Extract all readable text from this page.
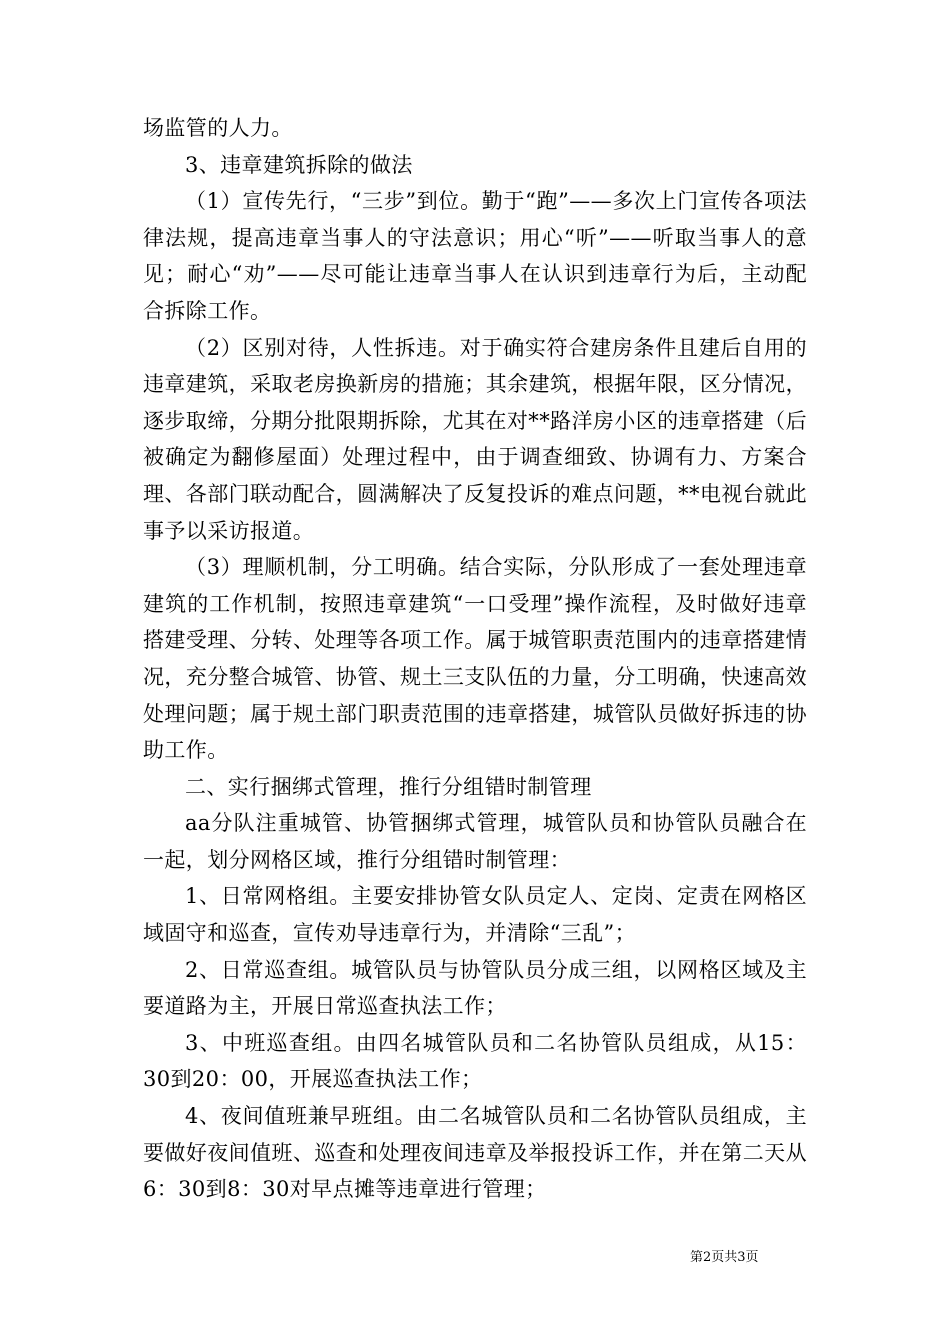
场监管的人力。

3、违章建筑拆除的做法

（1）宣传先行，“三步”到位。勤于“跑”——多次上门宣传各项法律法规，提高违章当事人的守法意识；用心“听”——听取当事人的意见；耐心“劝”——尽可能让违章当事人在认识到违章行为后，主动配合拆除工作。

（2）区别对待，人性拆违。对于确实符合建房条件且建后自用的违章建筑，采取老房换新房的措施；其余建筑，根据年限，区分情况，逐步取缔，分期分批限期拆除，尤其在对**路洋房小区的违章搭建（后被确定为翻修屋面）处理过程中，由于调查细致、协调有力、方案合理、各部门联动配合，圆满解决了反复投诉的难点问题，**电视台就此事予以采访报道。

（3）理顺机制，分工明确。结合实际，分队形成了一套处理违章建筑的工作机制，按照违章建筑“一口受理”操作流程，及时做好违章搭建受理、分转、处理等各项工作。属于城管职责范围内的违章搭建情况，充分整合城管、协管、规土三支队伍的力量，分工明确，快速高效处理问题；属于规土部门职责范围的违章搭建，城管队员做好拆违的协助工作。

二、实行捆绑式管理，推行分组错时制管理

aa分队注重城管、协管捆绑式管理，城管队员和协管队员融合在一起，划分网格区域，推行分组错时制管理：

1、日常网格组。主要安排协管女队员定人、定岗、定责在网格区域固守和巡查，宣传劝导违章行为，并清除“三乱”；

2、日常巡查组。城管队员与协管队员分成三组，以网格区域及主要道路为主，开展日常巡查执法工作；

3、中班巡查组。由四名城管队员和二名协管队员组成，从15：30到20：00，开展巡查执法工作；

4、夜间值班兼早班组。由二名城管队员和二名协管队员组成，主要做好夜间值班、巡查和处理夜间违章及举报投诉工作，并在第二天从6：30到8：30对早点摊等违章进行管理；

第2页共3页
